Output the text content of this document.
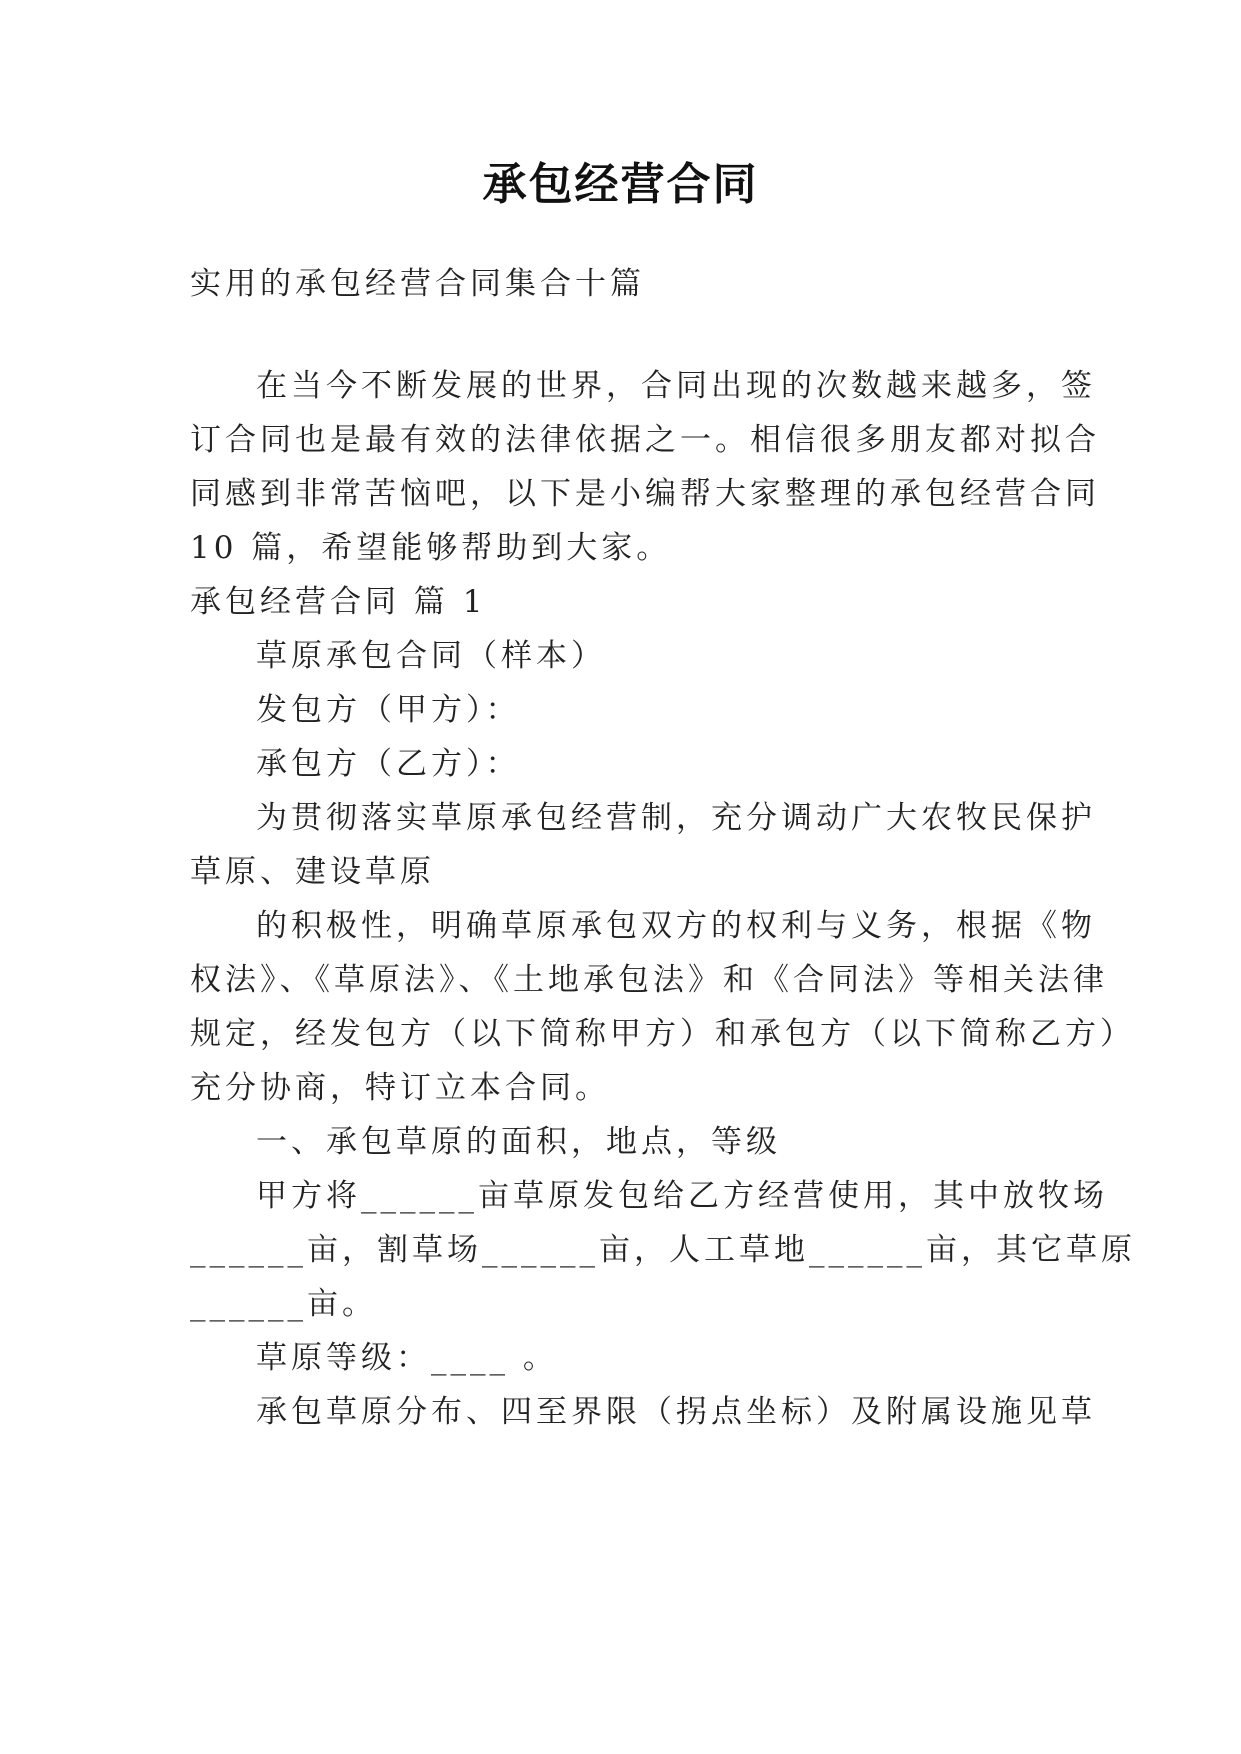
承包经营合同
实用的承包经营合同集合十篇
在当今不断发展的世界，合同出现的次数越来越多，签
订合同也是最有效的法律依据之一。相信很多朋友都对拟合
同感到非常苦恼吧，以下是小编帮大家整理的承包经营合同
10 篇，希望能够帮助到大家。
承包经营合同 篇 1
草原承包合同（样本）
发包方（甲方）：
承包方（乙方）：
为贯彻落实草原承包经营制，充分调动广大农牧民保护
草原、建设草原
的积极性，明确草原承包双方的权利与义务，根据《物
权法》、《草原法》、《土地承包法》和《合同法》等相关法律
规定，经发包方（以下简称甲方）和承包方（以下简称乙方）
充分协商，特订立本合同。
一、承包草原的面积，地点，等级
甲方将______亩草原发包给乙方经营使用，其中放牧场
______亩，割草场______亩，人工草地______亩，其它草原
______亩。
草原等级：____ 。
承包草原分布、四至界限（拐点坐标）及附属设施见草
